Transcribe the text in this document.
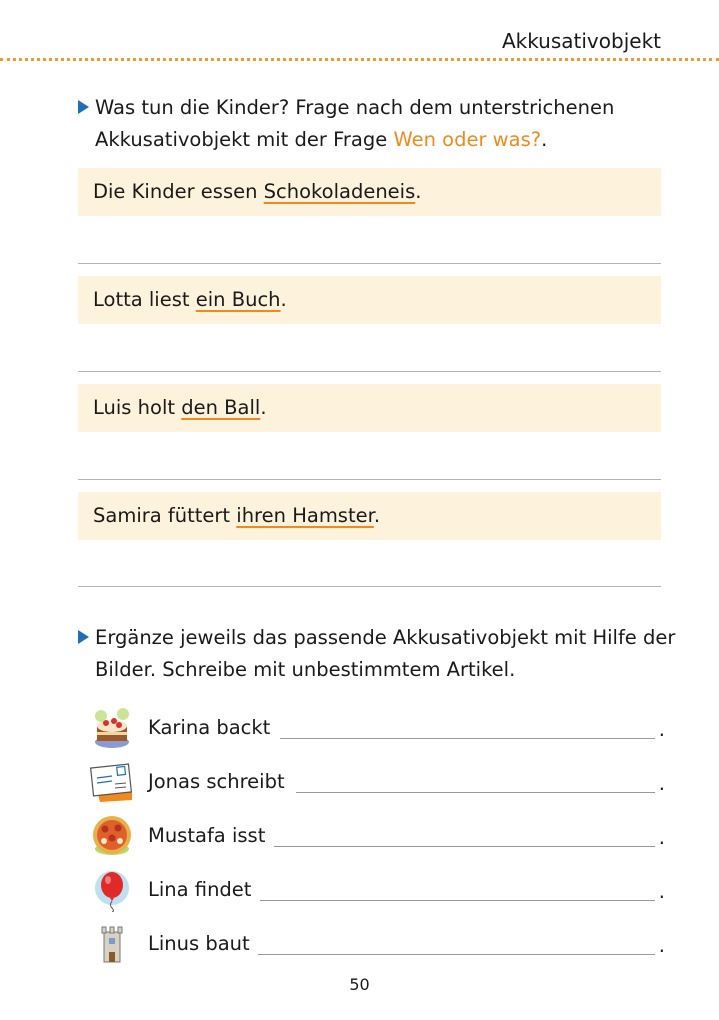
Akkusativobjekt
Was tun die Kinder? Frage nach dem unterstrichenen Akkusativobjekt mit der Frage Wen oder was?.
Die Kinder essen Schokoladeneis.
Lotta liest ein Buch.
Luis holt den Ball.
Samira füttert ihren Hamster.
Ergänze jeweils das passende Akkusativobjekt mit Hilfe der Bilder. Schreibe mit unbestimmtem Artikel.
Karina backt	.
Jonas schreibt	.
Mustafa isst	.
Lina findet	.
Linus baut	.
50
